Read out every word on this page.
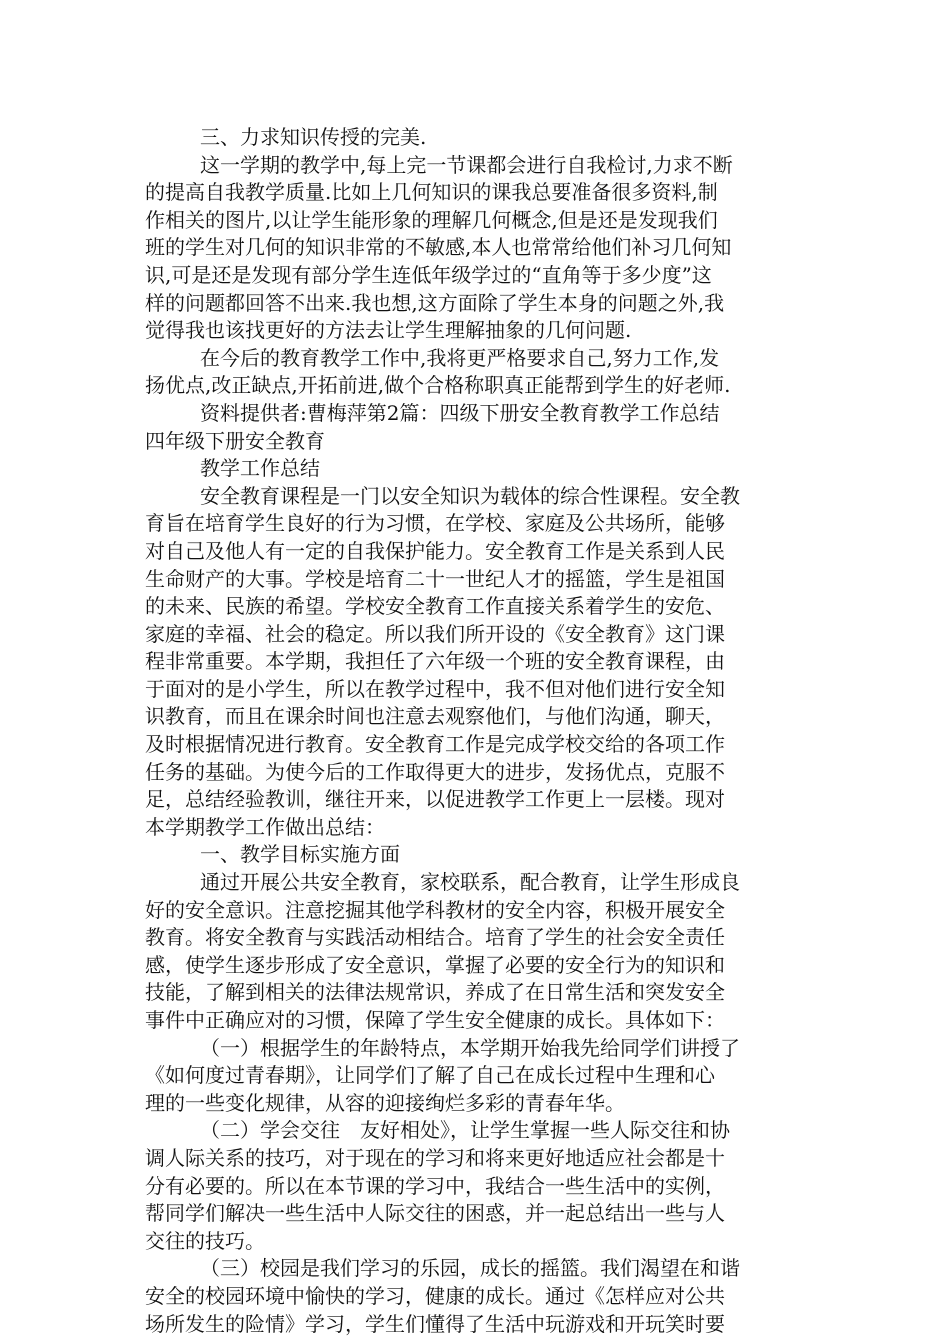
三、力求知识传授的完美.
这一学期的教学中,每上完一节课都会进行自我检讨,力求不断
的提高自我教学质量.比如上几何知识的课我总要准备很多资料,制
作相关的图片,以让学生能形象的理解几何概念,但是还是发现我们
班的学生对几何的知识非常的不敏感,本人也常常给他们补习几何知
识,可是还是发现有部分学生连低年级学过的“直角等于多少度”这
样的问题都回答不出来.我也想,这方面除了学生本身的问题之外,我
觉得我也该找更好的方法去让学生理解抽象的几何问题.
在今后的教育教学工作中,我将更严格要求自己,努力工作,发
扬优点,改正缺点,开拓前进,做个合格称职真正能帮到学生的好老师.
资料提供者:曹梅萍第2篇：四级下册安全教育教学工作总结
四年级下册安全教育
教学工作总结
安全教育课程是一门以安全知识为载体的综合性课程。安全教
育旨在培育学生良好的行为习惯，在学校、家庭及公共场所，能够
对自己及他人有一定的自我保护能力。安全教育工作是关系到人民
生命财产的大事。学校是培育二十一世纪人才的摇篮，学生是祖国
的未来、民族的希望。学校安全教育工作直接关系着学生的安危、
家庭的幸福、社会的稳定。所以我们所开设的《安全教育》这门课
程非常重要。本学期，我担任了六年级一个班的安全教育课程，由
于面对的是小学生，所以在教学过程中，我不但对他们进行安全知
识教育，而且在课余时间也注意去观察他们，与他们沟通，聊天，
及时根据情况进行教育。安全教育工作是完成学校交给的各项工作
任务的基础。为使今后的工作取得更大的进步，发扬优点，克服不
足，总结经验教训，继往开来，以促进教学工作更上一层楼。现对
本学期教学工作做出总结：
一、教学目标实施方面
通过开展公共安全教育，家校联系，配合教育，让学生形成良
好的安全意识。注意挖掘其他学科教材的安全内容，积极开展安全
教育。将安全教育与实践活动相结合。培育了学生的社会安全责任
感，使学生逐步形成了安全意识，掌握了必要的安全行为的知识和
技能，了解到相关的法律法规常识，养成了在日常生活和突发安全
事件中正确应对的习惯，保障了学生安全健康的成长。具体如下：
（一）根据学生的年龄特点，本学期开始我先给同学们讲授了
《如何度过青春期》，让同学们了解了自己在成长过程中生理和心
理的一些变化规律，从容的迎接绚烂多彩的青春年华。
（二）学会交往　友好相处》，让学生掌握一些人际交往和协
调人际关系的技巧，对于现在的学习和将来更好地适应社会都是十
分有必要的。所以在本节课的学习中，我结合一些生活中的实例，
帮同学们解决一些生活中人际交往的困惑，并一起总结出一些与人
交往的技巧。
（三）校园是我们学习的乐园，成长的摇篮。我们渴望在和谐
安全的校园环境中愉快的学习，健康的成长。通过《怎样应对公共
场所发生的险情》学习，学生们懂得了生活中玩游戏和开玩笑时要
